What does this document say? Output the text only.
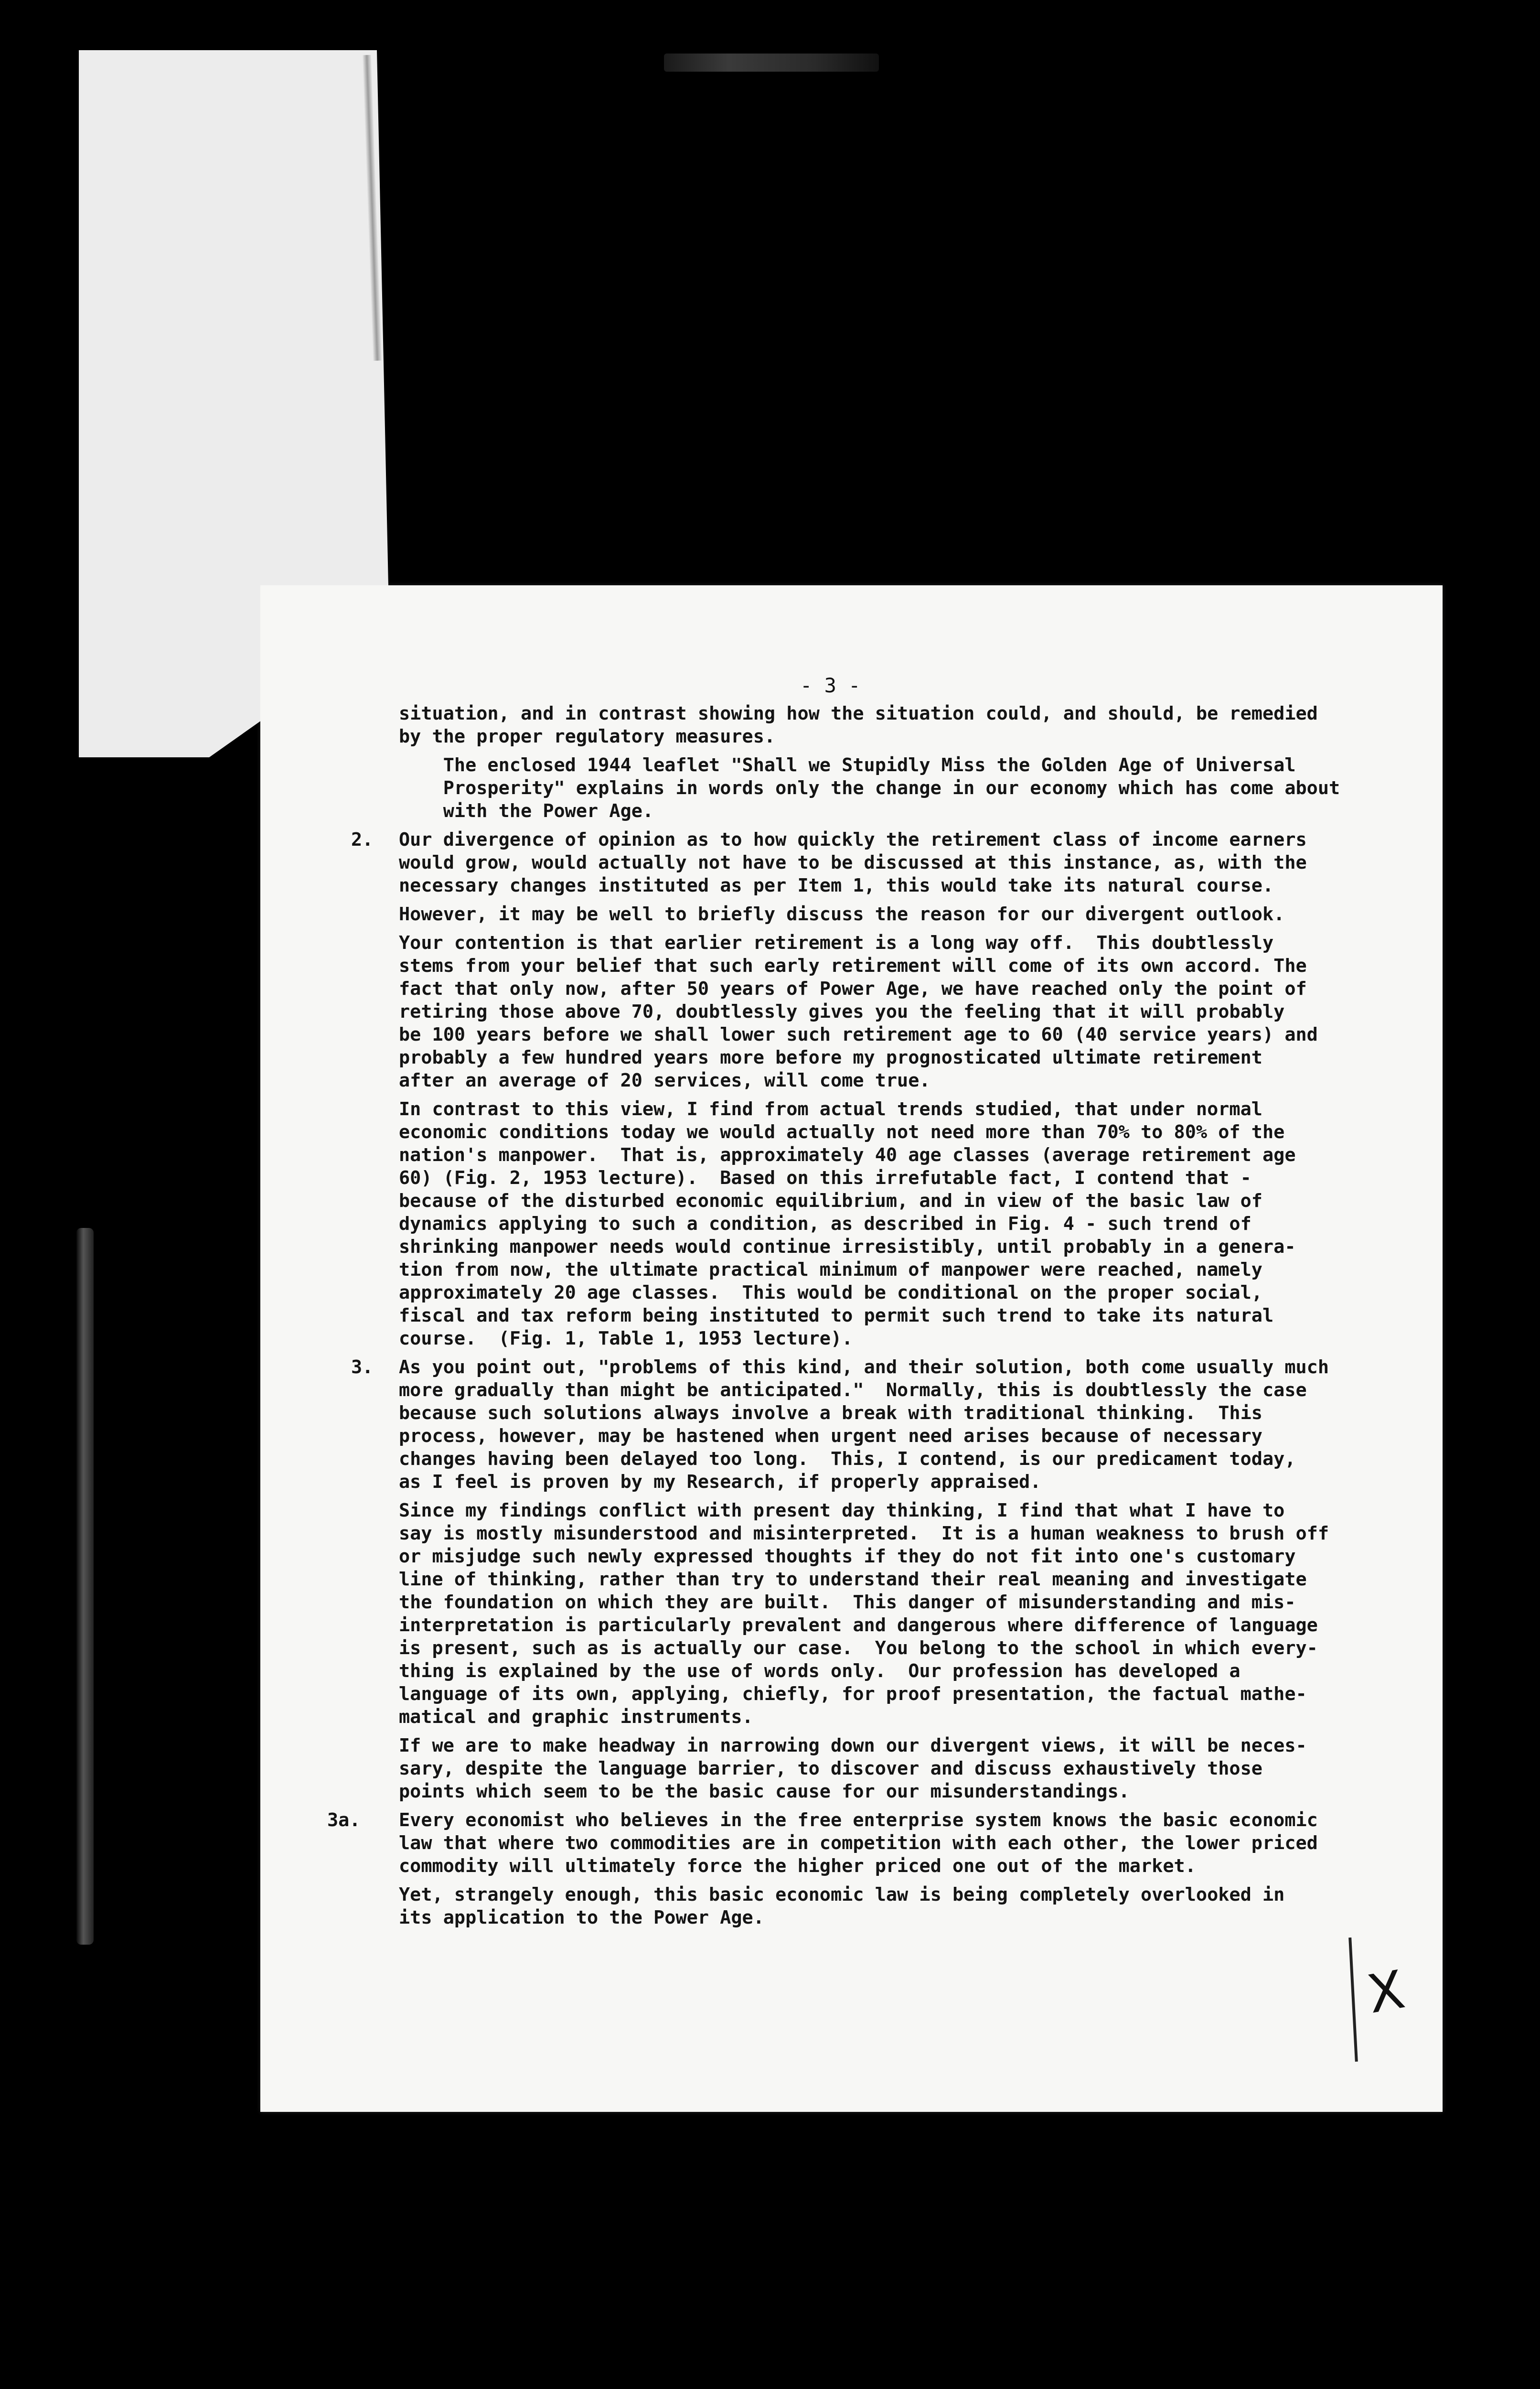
- 3 -
situation, and in contrast showing how the situation could, and should, be remedied
by the proper regulatory measures.
The enclosed 1944 leaflet "Shall we Stupidly Miss the Golden Age of Universal
Prosperity" explains in words only the change in our economy which has come about
with the Power Age.
2. Our divergence of opinion as to how quickly the retirement class of income earners
would grow, would actually not have to be discussed at this instance, as, with the
necessary changes instituted as per Item 1, this would take its natural course.
However, it may be well to briefly discuss the reason for our divergent outlook.
Your contention is that earlier retirement is a long way off.  This doubtlessly
stems from your belief that such early retirement will come of its own accord. The
fact that only now, after 50 years of Power Age, we have reached only the point of
retiring those above 70, doubtlessly gives you the feeling that it will probably
be 100 years before we shall lower such retirement age to 60 (40 service years) and
probably a few hundred years more before my prognosticated ultimate retirement
after an average of 20 services, will come true.
In contrast to this view, I find from actual trends studied, that under normal
economic conditions today we would actually not need more than 70% to 80% of the
nation's manpower.  That is, approximately 40 age classes (average retirement age
60) (Fig. 2, 1953 lecture).  Based on this irrefutable fact, I contend that -
because of the disturbed economic equilibrium, and in view of the basic law of
dynamics applying to such a condition, as described in Fig. 4 - such trend of
shrinking manpower needs would continue irresistibly, until probably in a genera-
tion from now, the ultimate practical minimum of manpower were reached, namely
approximately 20 age classes.  This would be conditional on the proper social,
fiscal and tax reform being instituted to permit such trend to take its natural
course.  (Fig. 1, Table 1, 1953 lecture).
3. As you point out, "problems of this kind, and their solution, both come usually much
more gradually than might be anticipated."  Normally, this is doubtlessly the case
because such solutions always involve a break with traditional thinking.  This
process, however, may be hastened when urgent need arises because of necessary
changes having been delayed too long.  This, I contend, is our predicament today,
as I feel is proven by my Research, if properly appraised.
Since my findings conflict with present day thinking, I find that what I have to
say is mostly misunderstood and misinterpreted.  It is a human weakness to brush off
or misjudge such newly expressed thoughts if they do not fit into one's customary
line of thinking, rather than try to understand their real meaning and investigate
the foundation on which they are built.  This danger of misunderstanding and mis-
interpretation is particularly prevalent and dangerous where difference of language
is present, such as is actually our case.  You belong to the school in which every-
thing is explained by the use of words only.  Our profession has developed a
language of its own, applying, chiefly, for proof presentation, the factual mathe-
matical and graphic instruments.
If we are to make headway in narrowing down our divergent views, it will be neces-
sary, despite the language barrier, to discover and discuss exhaustively those
points which seem to be the basic cause for our misunderstandings.
3a. Every economist who believes in the free enterprise system knows the basic economic
law that where two commodities are in competition with each other, the lower priced
commodity will ultimately force the higher priced one out of the market.
Yet, strangely enough, this basic economic law is being completely overlooked in
its application to the Power Age.
X
